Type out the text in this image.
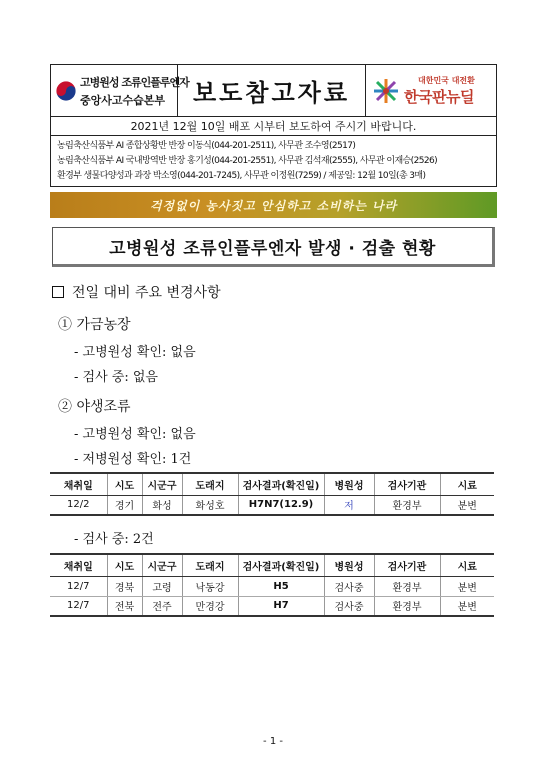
고병원성 조류인플루엔자
중앙사고수습본부	보도참고자료	대한민국 대전환
한국판뉴딜
2021년 12월 10일 배포 시부터 보도하여 주시기 바랍니다.
농림축산식품부 AI 종합상황반 반장 이동식(044-201-2511), 사무관 조수영(2517)
농림축산식품부 AI 국내방역반 반장 홍기성(044-201-2551), 사무관 김석재(2555), 사무관 이재승(2526)
환경부 생물다양성과 과장 박소영(044-201-7245), 사무관 이정원(7259) / 제공일: 12월 10일(총 3매)
걱정없이 농사짓고 안심하고 소비하는 나라
고병원성 조류인플루엔자 발생 · 검출 현황
전일 대비 주요 변경사항
① 가금농장
- 고병원성 확인: 없음
- 검사 중: 없음
② 야생조류
- 고병원성 확인: 없음
- 저병원성 확인: 1건
채취일	시도	시군구	도래지	검사결과(확진일)	병원성	검사기관	시료
12/2	경기	화성	화성호	H7N7(12.9)	저	환경부	분변
- 검사 중: 2건
채취일	시도	시군구	도래지	검사결과(확진일)	병원성	검사기관	시료
12/7	경북	고령	낙동강	H5	검사중	환경부	분변
12/7	전북	전주	만경강	H7	검사중	환경부	분변
- 1 -
